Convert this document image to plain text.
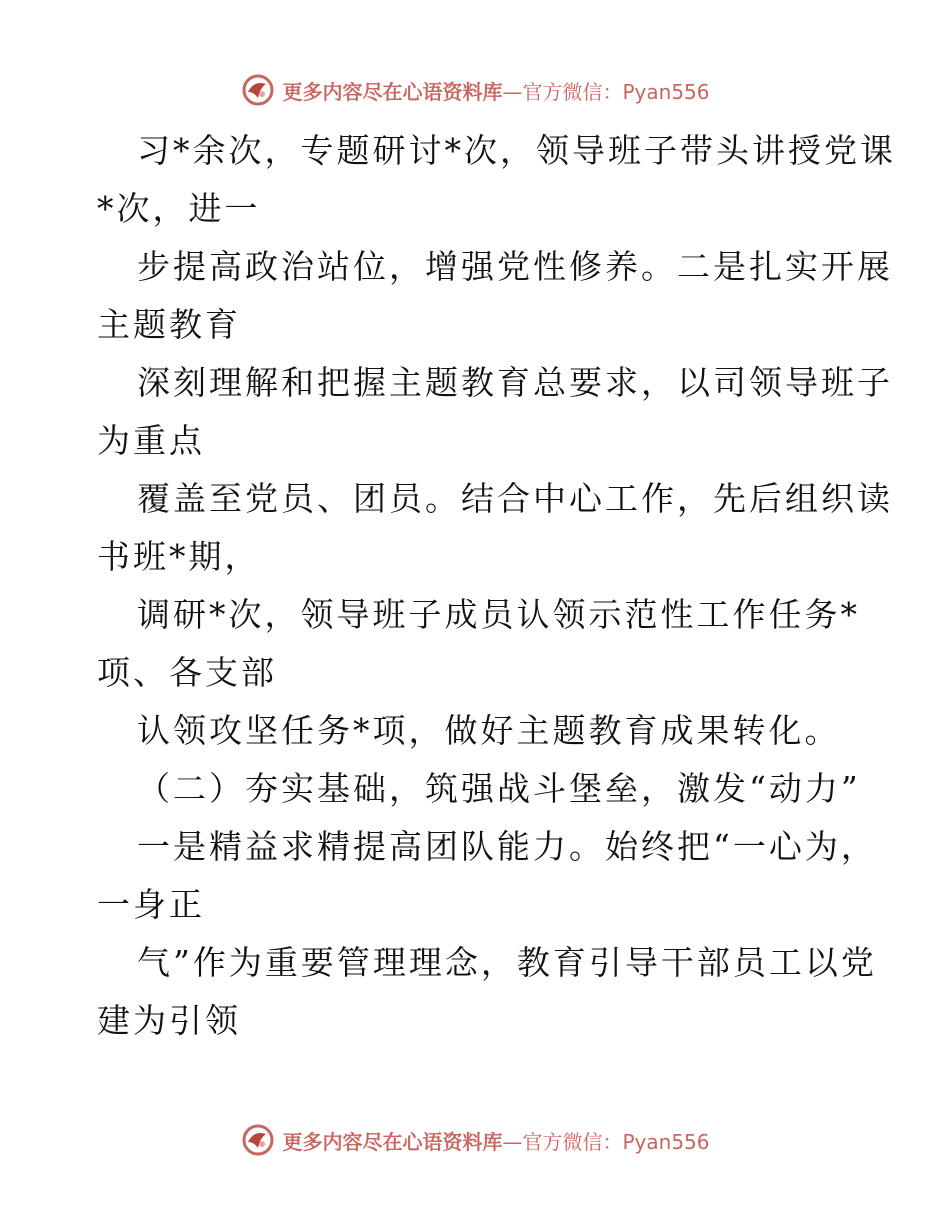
更多内容尽在心语资料库—官方微信：Pyan556
习*余次，专题研讨*次，领导班子带头讲授党课
*次，进一
步提高政治站位，增强党性修养。二是扎实开展
主题教育
深刻理解和把握主题教育总要求，以司领导班子
为重点
覆盖至党员、团员。结合中心工作，先后组织读
书班*期，
调研*次，领导班子成员认领示范性工作任务*
项、各支部
认领攻坚任务*项，做好主题教育成果转化。
（二）夯实基础，筑强战斗堡垒，激发“动力”
一是精益求精提高团队能力。始终把“一心为，
一身正
气”作为重要管理理念，教育引导干部员工以党
建为引领
更多内容尽在心语资料库—官方微信：Pyan556
